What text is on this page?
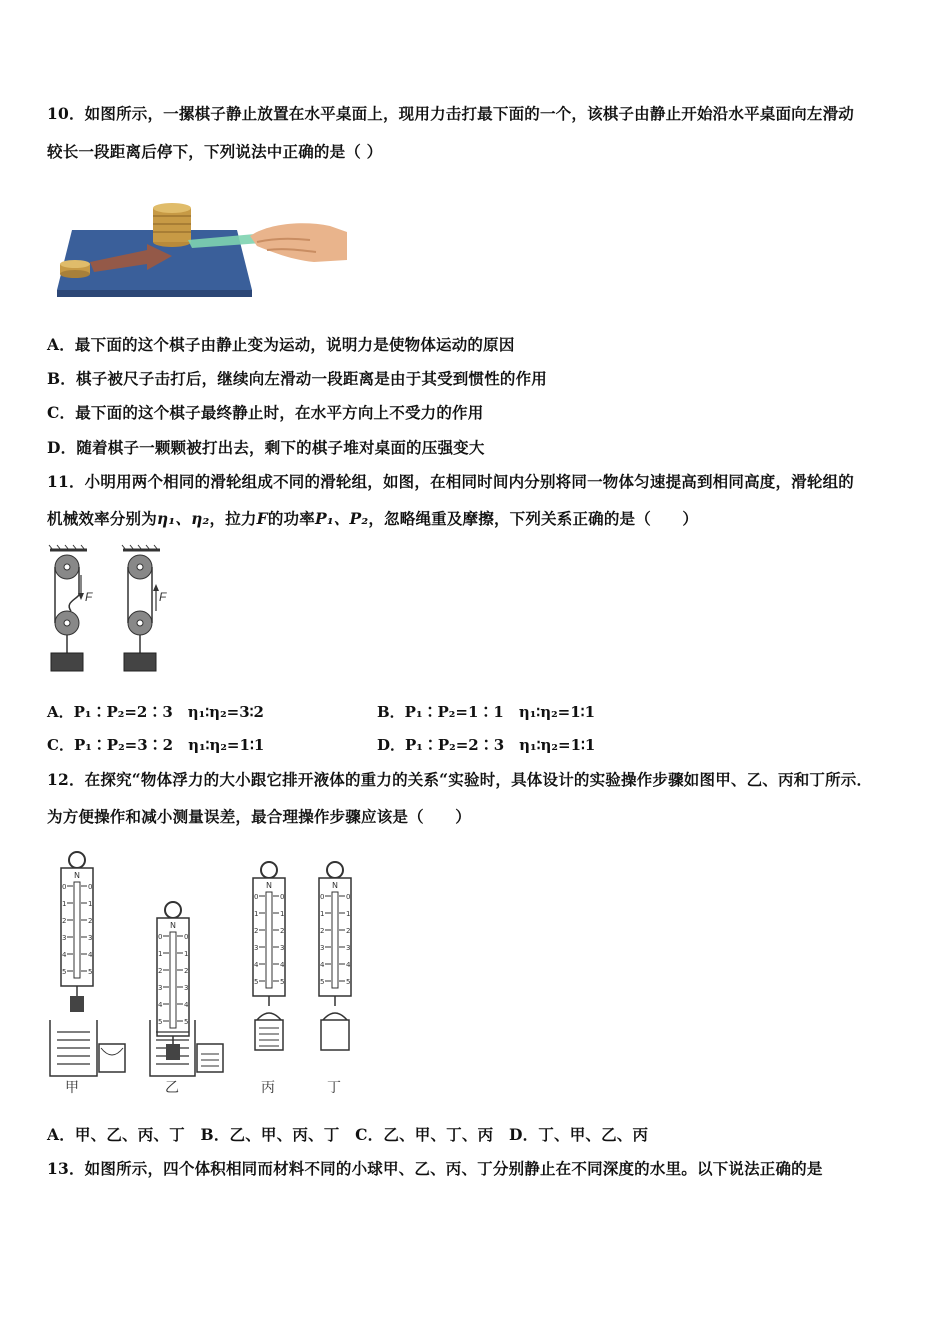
10．如图所示，一摞棋子静止放置在水平桌面上，现用力击打最下面的一个，该棋子由静止开始沿水平桌面向左滑动
较长一段距离后停下，下列说法中正确的是（ ）
A．最下面的这个棋子由静止变为运动，说明力是使物体运动的原因
B．棋子被尺子击打后，继续向左滑动一段距离是由于其受到惯性的作用
C．最下面的这个棋子最终静止时，在水平方向上不受力的作用
D．随着棋子一颗颗被打出去，剩下的棋子堆对桌面的压强变大
11．小明用两个相同的滑轮组成不同的滑轮组，如图，在相同时间内分别将同一物体匀速提高到相同高度，滑轮组的
机械效率分别为η₁、η₂，拉力F的功率P₁、P₂，忽略绳重及摩擦，下列关系正确的是（　　）
F	F
A．P₁∶P₂=2∶3　η₁∶η₂=3∶2	B．P₁∶P₂=1∶1　η₁∶η₂=1∶1
C．P₁∶P₂=3∶2　η₁∶η₂=1∶1	D．P₁∶P₂=2∶3　η₁∶η₂=1∶1
12．在探究“物体浮力的大小跟它排开液体的重力的关系“实验时，具体设计的实验操作步骤如图甲、乙、丙和丁所示．
为方便操作和减小测量误差，最合理操作步骤应该是（　　）
0	0
1	1
2	2
3	3
4	4
5	5
N
甲
N
乙
N
丙
N
丁
A．甲、乙、丙、丁　B．乙、甲、丙、丁　C．乙、甲、丁、丙　D．丁、甲、乙、丙
13．如图所示，四个体积相同而材料不同的小球甲、乙、丙、丁分别静止在不同深度的水里。以下说法正确的是
